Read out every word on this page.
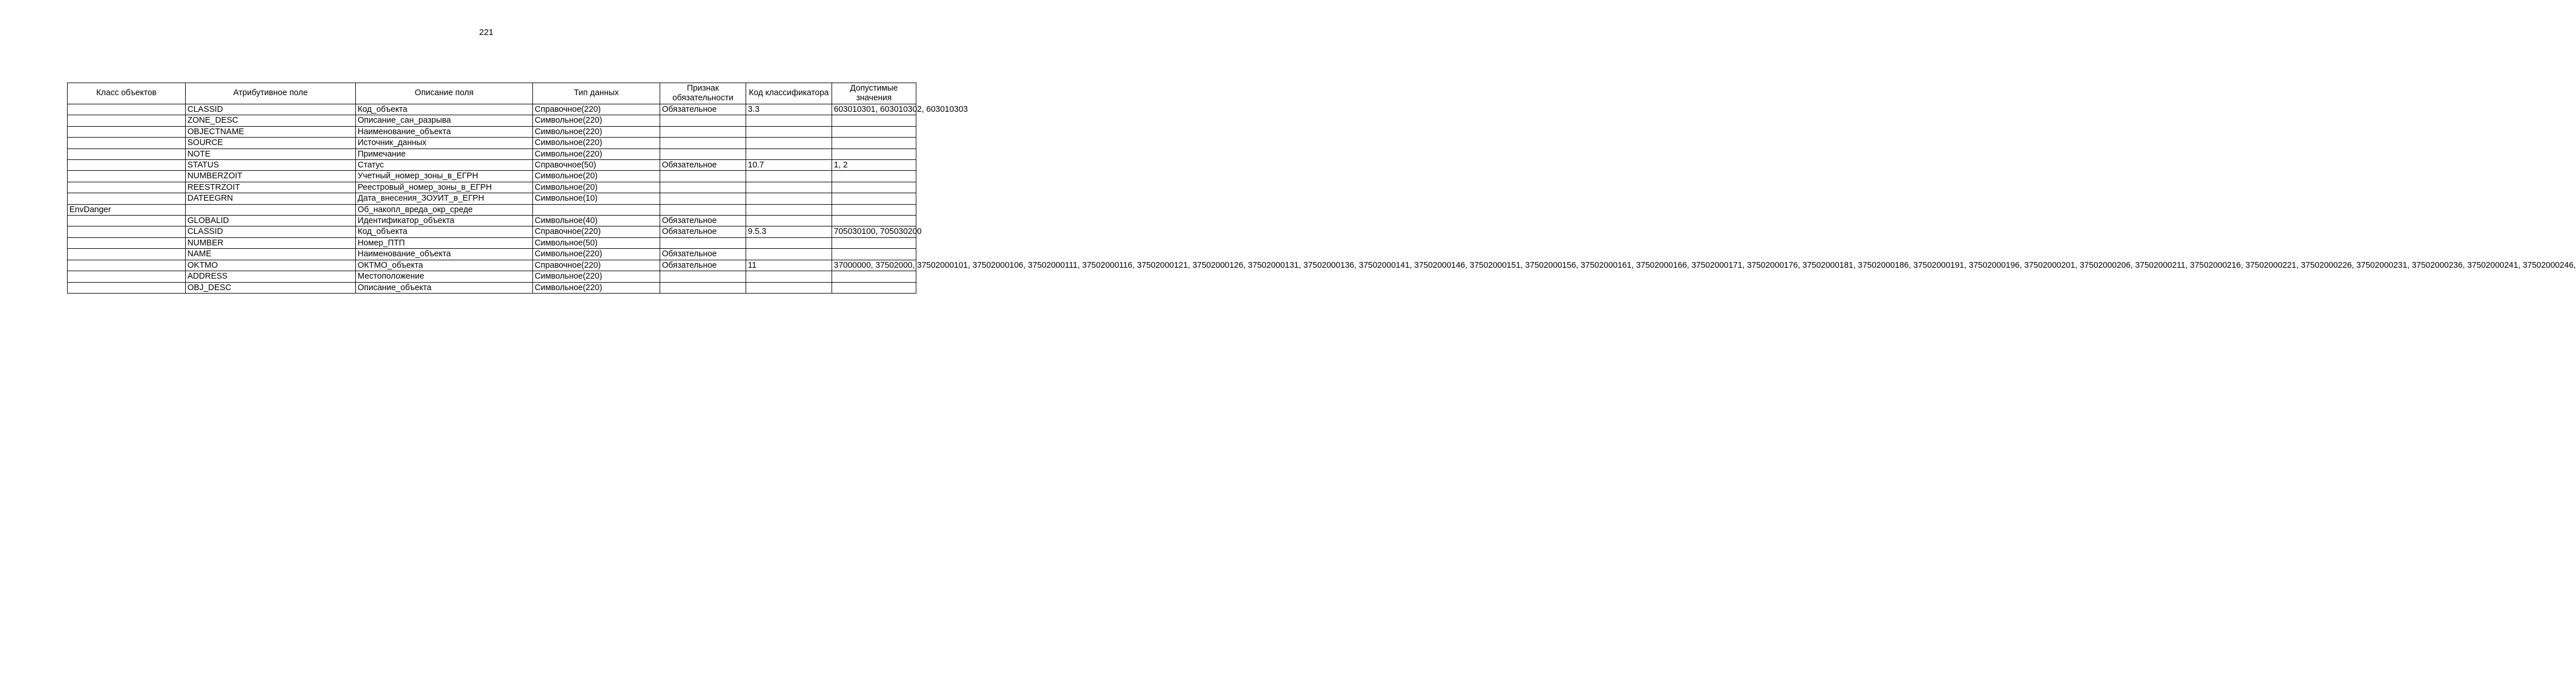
221
Класс объектов	Атрибутивное поле	Описание поля	Тип данных	Признак обязательности	Код классификатора	Допустимые значения
	CLASSID	Код_объекта	Справочное(220)	Обязательное	3.3	603010301, 603010302, 603010303
	ZONE_DESC	Описание_сан_разрыва	Символьное(220)			
	OBJECTNAME	Наименование_объекта	Символьное(220)			
	SOURCE	Источник_данных	Символьное(220)			
	NOTE	Примечание	Символьное(220)			
	STATUS	Статус	Справочное(50)	Обязательное	10.7	1, 2
	NUMBERZOIT	Учетный_номер_зоны_в_ЕГРН	Символьное(20)			
	REESTRZOIT	Реестровый_номер_зоны_в_ЕГРН	Символьное(20)			
	DATEEGRN	Дата_внесения_ЗОУИТ_в_ЕГРН	Символьное(10)			
EnvDanger		Об_накопл_вреда_окр_среде				
	GLOBALID	Идентификатор_объекта	Символьное(40)	Обязательное		
	CLASSID	Код_объекта	Справочное(220)	Обязательное	9.5.3	705030100, 705030200
	NUMBER	Номер_ПТП	Символьное(50)			
	NAME	Наименование_объекта	Символьное(220)	Обязательное		
	OKTMO	ОКТМО_объекта	Справочное(220)	Обязательное	11	37000000, 37502000, 37502000101, 37502000106, 37502000111, 37502000116, 37502000121, 37502000126, 37502000131, 37502000136, 37502000141, 37502000146, 37502000151, 37502000156, 37502000161, 37502000166, 37502000171, 37502000176, 37502000181, 37502000186, 37502000191, 37502000196, 37502000201, 37502000206, 37502000211, 37502000216, 37502000221, 37502000226, 37502000231, 37502000236, 37502000241, 37502000246,
	ADDRESS	Местоположение	Символьное(220)			
	OBJ_DESC	Описание_объекта	Символьное(220)			
